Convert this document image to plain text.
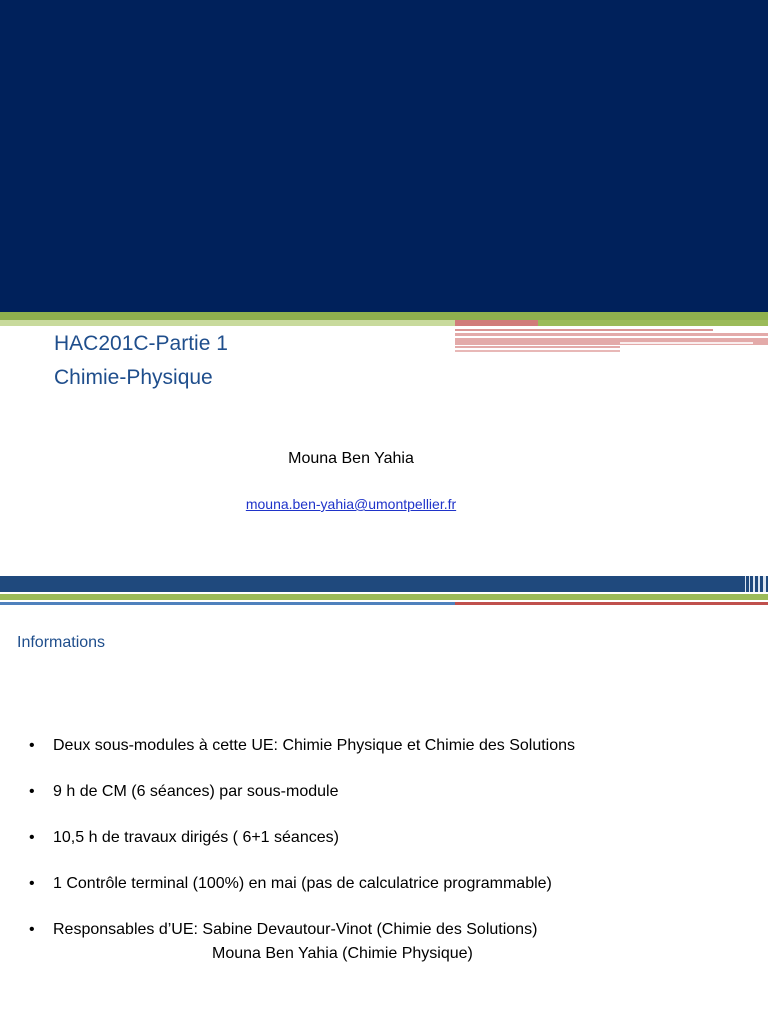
HAC201C-Partie 1
Chimie-Physique
Mouna Ben Yahia
mouna.ben-yahia@umontpellier.fr
Informations
• Deux sous-modules à cette UE: Chimie Physique et Chimie des Solutions
• 9 h de CM (6 séances) par sous-module
• 10,5 h de travaux dirigés ( 6+1 séances)
• 1 Contrôle terminal (100%) en mai (pas de calculatrice programmable)
• Responsables d’UE: Sabine Devautour-Vinot (Chimie des Solutions)
Mouna Ben Yahia (Chimie Physique)
